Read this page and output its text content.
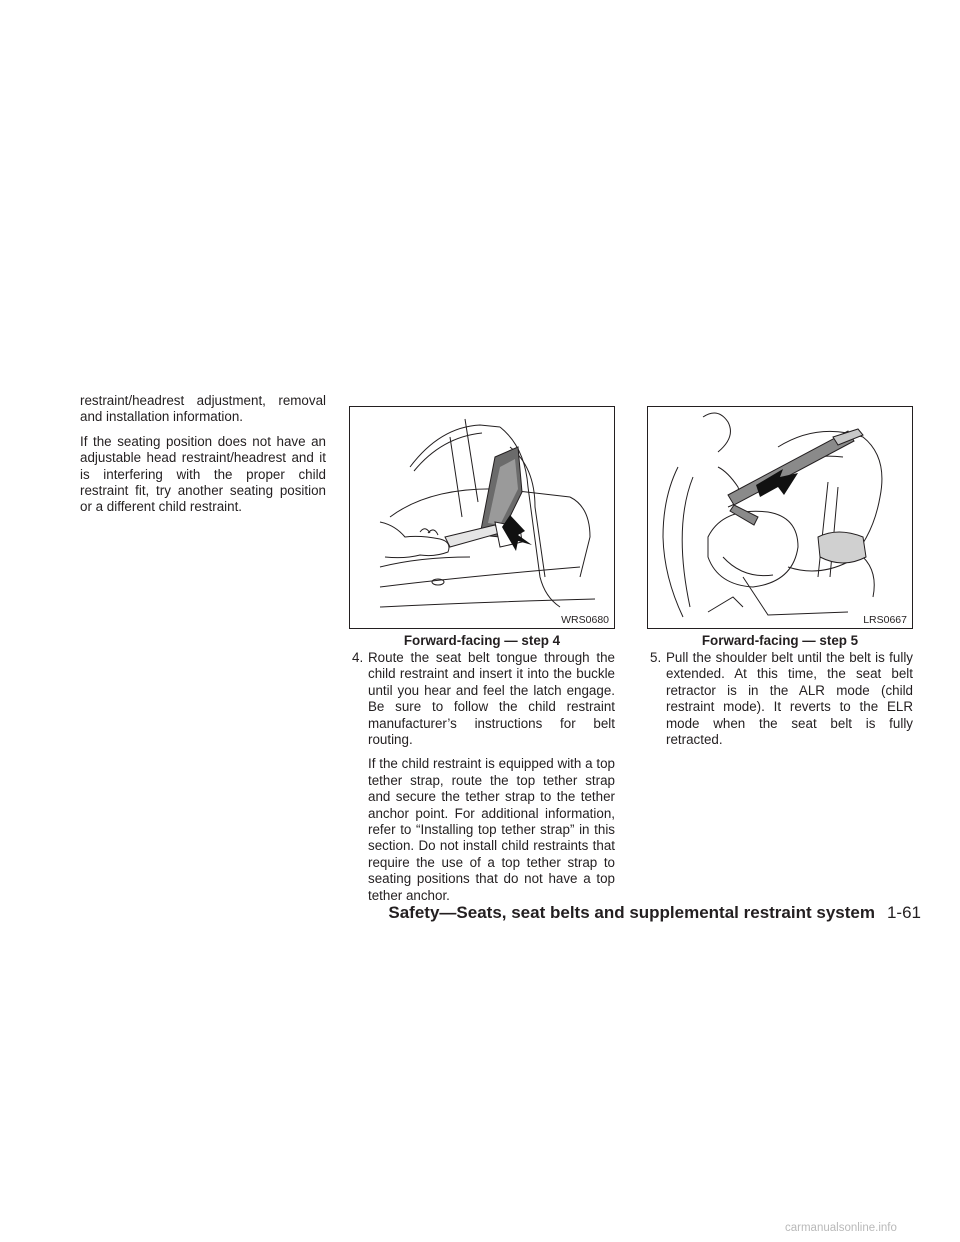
restraint/headrest adjustment, removal and installation information.

If the seating position does not have an adjustable head restraint/headrest and it is interfering with the proper child restraint fit, try another seating position or a different child restraint.

WRS0680	LRS0667
Forward-facing — step 4	Forward-facing — step 5
4. Route the seat belt tongue through the child restraint and insert it into the buckle until you hear and feel the latch engage. Be sure to follow the child restraint manufacturer’s instructions for belt routing.
If the child restraint is equipped with a top tether strap, route the top tether strap and secure the tether strap to the tether anchor point. For additional information, refer to “Installing top tether strap” in this section. Do not install child restraints that require the use of a top tether strap to seating positions that do not have a top tether anchor.
5. Pull the shoulder belt until the belt is fully extended. At this time, the seat belt retractor is in the ALR mode (child restraint mode). It reverts to the ELR mode when the seat belt is fully retracted.
Safety—Seats, seat belts and supplemental restraint system 1-61
carmanualsonline.info
